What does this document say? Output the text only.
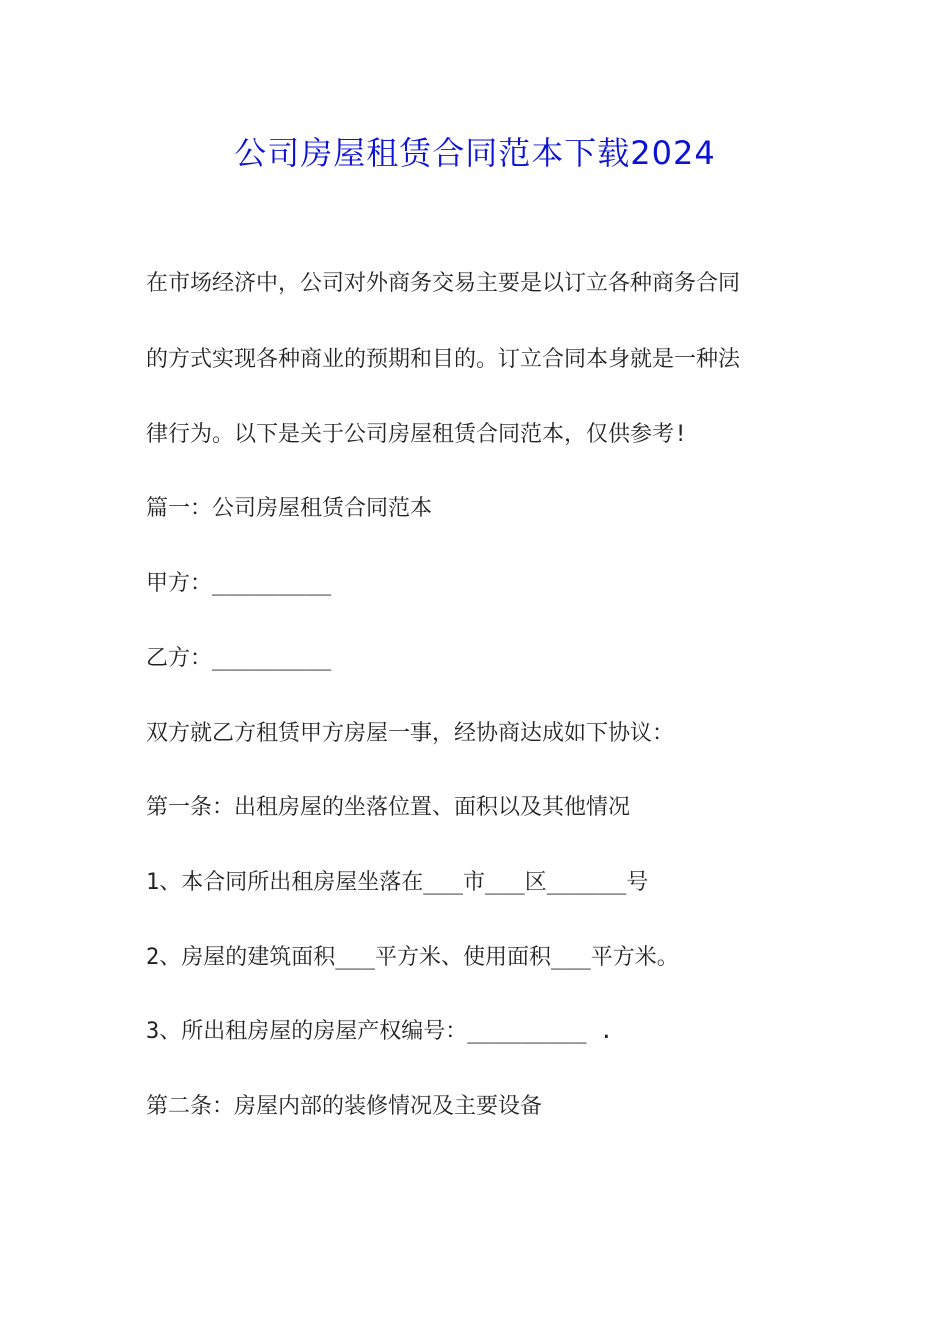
公司房屋租赁合同范本下载2024
在市场经济中，公司对外商务交易主要是以订立各种商务合同
的方式实现各种商业的预期和目的。订立合同本身就是一种法
律行为。以下是关于公司房屋租赁合同范本，仅供参考!
篇一：公司房屋租赁合同范本
甲方：_________
乙方：_________
双方就乙方租赁甲方房屋一事，经协商达成如下协议：
第一条：出租房屋的坐落位置、面积以及其他情况
1、本合同所出租房屋坐落在___市___区______号
2、房屋的建筑面积___平方米、使用面积___平方米。
3、所出租房屋的房屋产权编号：_________ .
第二条：房屋内部的装修情况及主要设备
